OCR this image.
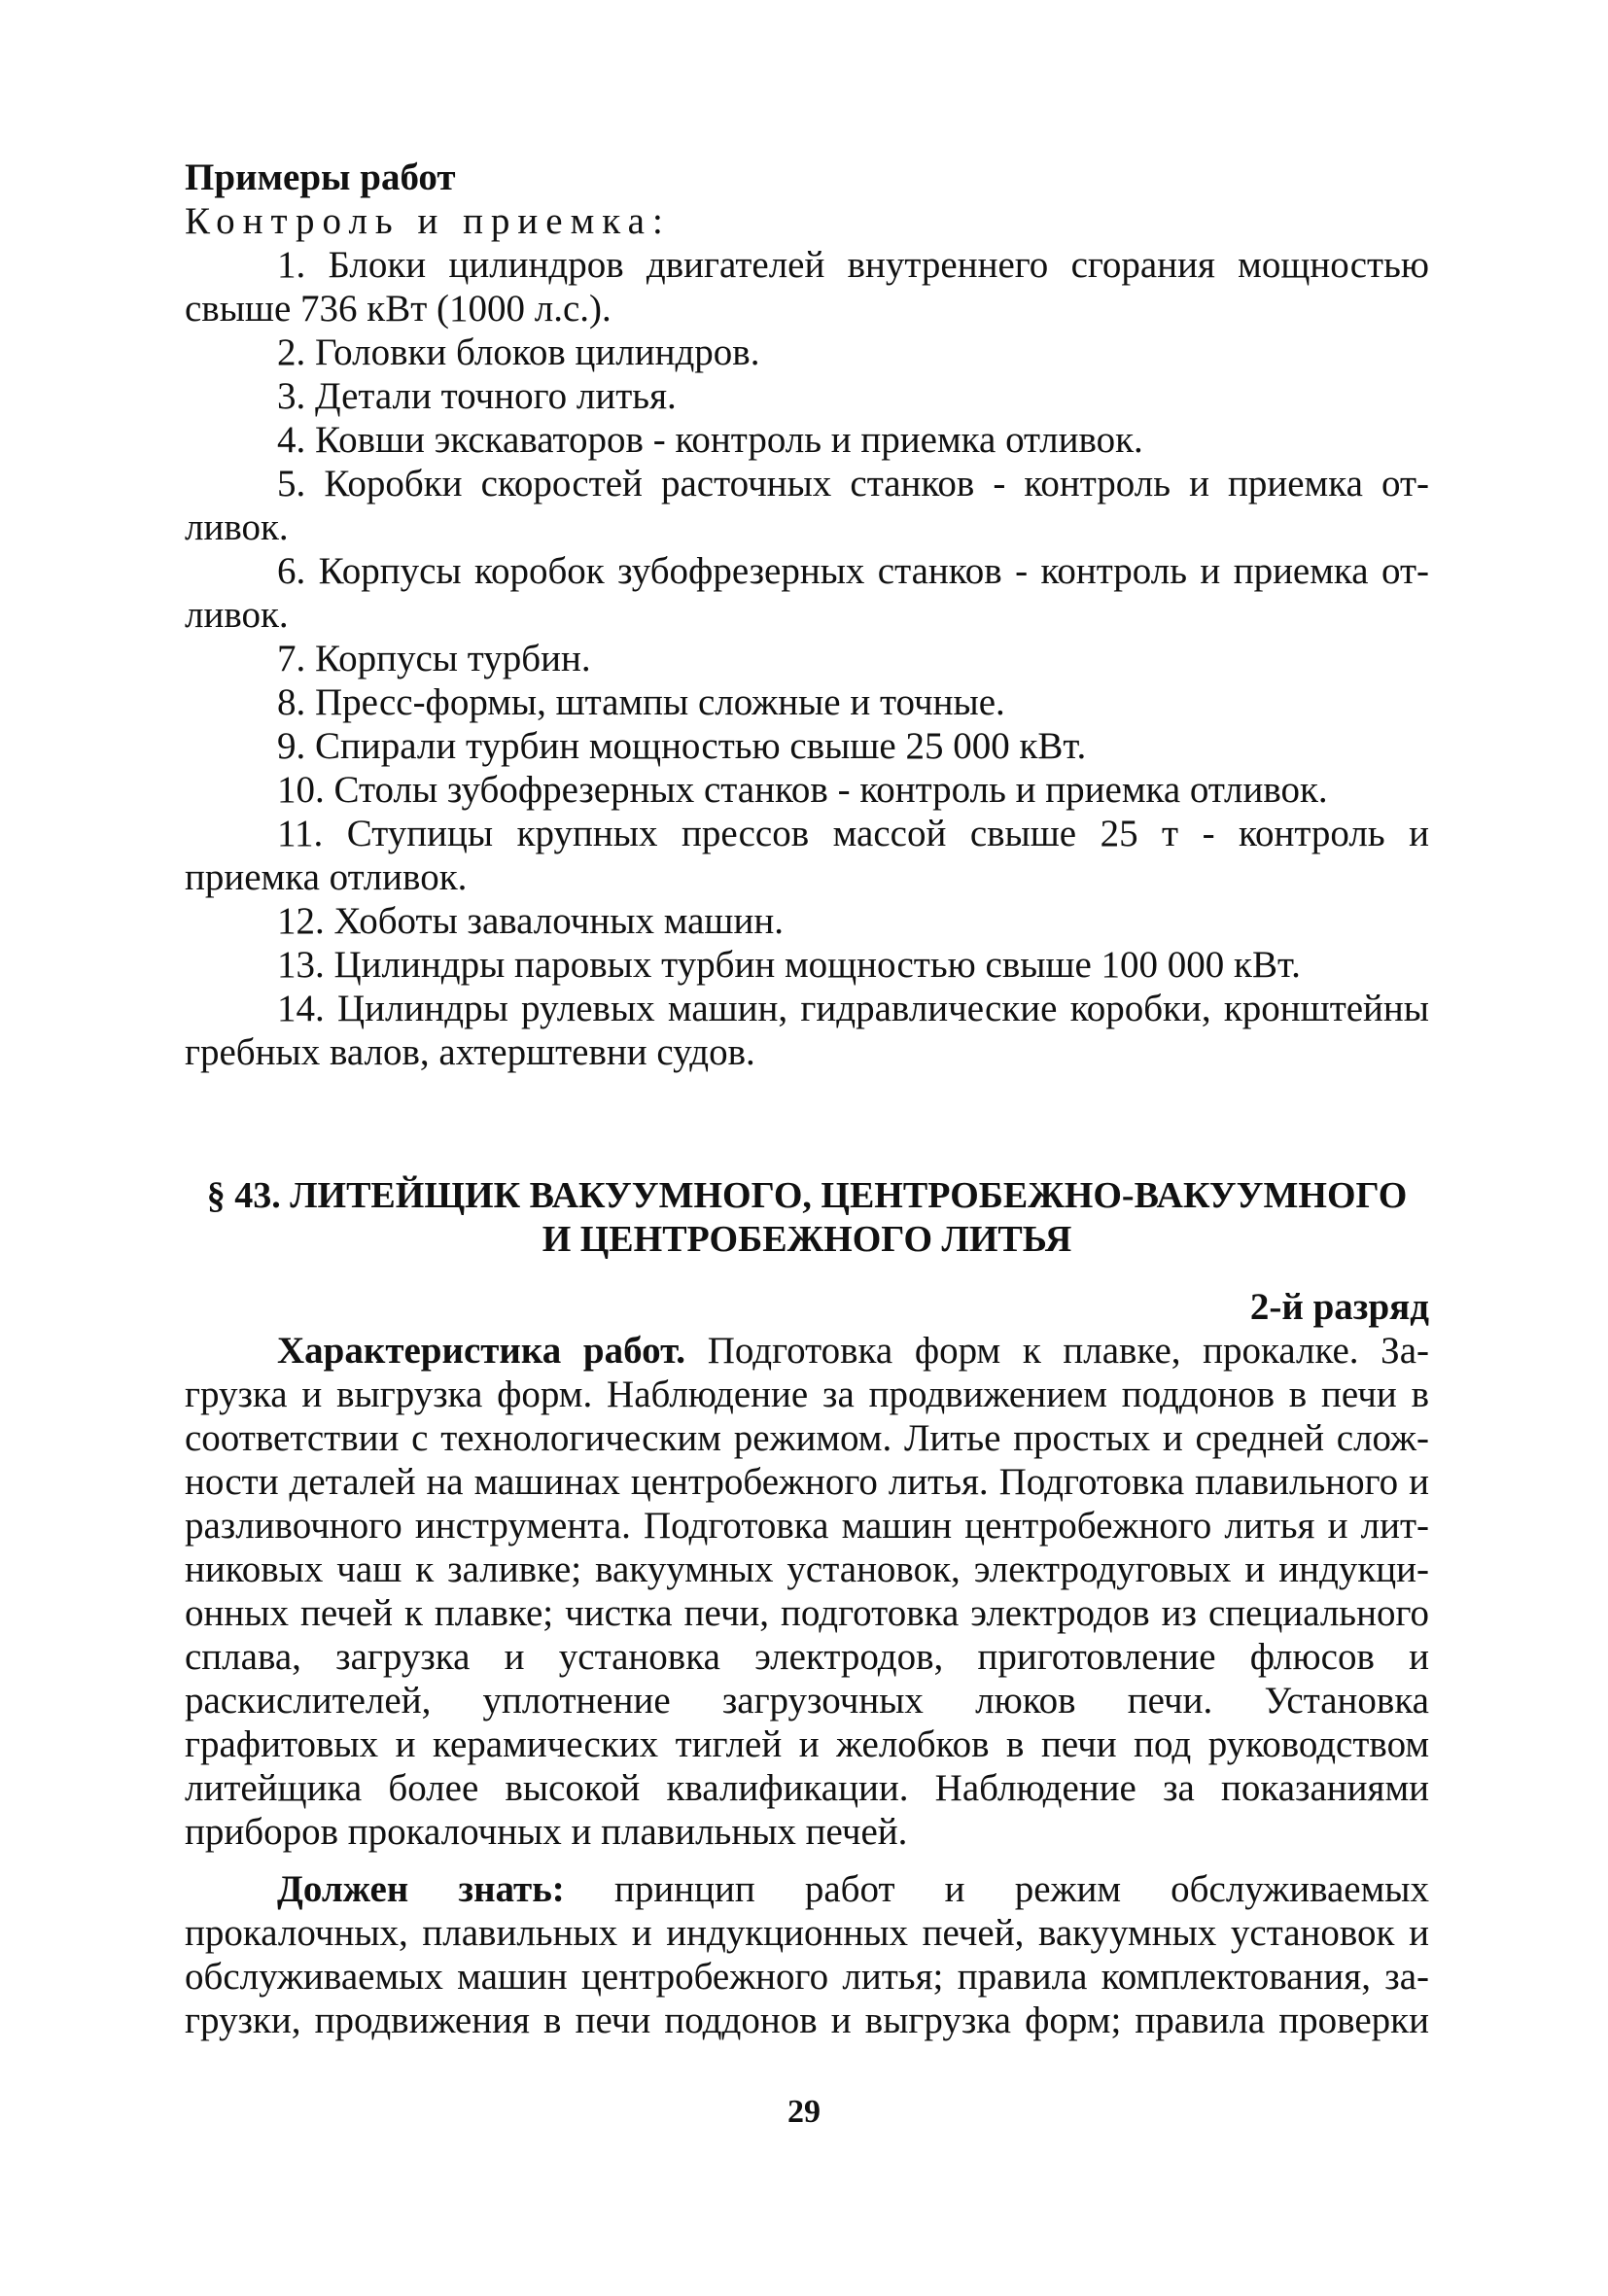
Примеры работ
Контроль и приемка:
1. Блоки цилиндров двигателей внутреннего сгорания мощностью
свыше 736 кВт (1000 л.с.).
2. Головки блоков цилиндров.
3. Детали точного литья.
4. Ковши экскаваторов - контроль и приемка отливок.
5. Коробки скоростей расточных станков - контроль и приемка от-
ливок.
6. Корпусы коробок зубофрезерных станков - контроль и приемка от-
ливок.
7. Корпусы турбин.
8. Пресс-формы, штампы сложные и точные.
9. Спирали турбин мощностью свыше 25 000 кВт.
10. Столы зубофрезерных станков - контроль и приемка отливок.
11. Ступицы крупных прессов массой свыше 25 т - контроль и
приемка отливок.
12. Хоботы завалочных машин.
13. Цилиндры паровых турбин мощностью свыше 100 000 кВт.
14. Цилиндры рулевых машин, гидравлические коробки, кронштейны
гребных валов, ахтерштевни судов.
§ 43. ЛИТЕЙЩИК ВАКУУМНОГО, ЦЕНТРОБЕЖНО-ВАКУУМНОГО
И ЦЕНТРОБЕЖНОГО ЛИТЬЯ
2-й разряд
Характеристика работ. Подготовка форм к плавке, прокалке. За-
грузка и выгрузка форм. Наблюдение за продвижением поддонов в печи в
соответствии с технологическим режимом. Литье простых и средней слож-
ности деталей на машинах центробежного литья. Подготовка плавильного и
разливочного инструмента. Подготовка машин центробежного литья и лит-
никовых чаш к заливке; вакуумных установок, электродуговых и индукци-
онных печей к плавке; чистка печи, подготовка электродов из специального
сплава, загрузка и установка электродов, приготовление флюсов и
раскислителей, уплотнение загрузочных люков печи. Установка
графитовых и керамических тиглей и желобков в печи под руководством
литейщика более высокой квалификации. Наблюдение за показаниями
приборов прокалочных и плавильных печей.
Должен знать: принцип работ и режим обслуживаемых
прокалочных, плавильных и индукционных печей, вакуумных установок и
обслуживаемых машин центробежного литья; правила комплектования, за-
грузки, продвижения в печи поддонов и выгрузка форм; правила проверки
29
